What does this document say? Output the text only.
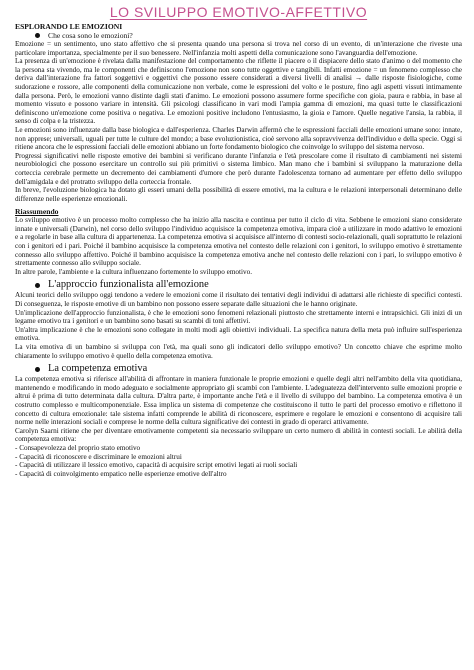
LO SVILUPPO EMOTIVO-AFFETTIVO
ESPLORANDO LE EMOZIONI
Che cosa sono le emozioni?

Emozione = un sentimento, uno stato affettivo che si presenta quando una persona si trova nel corso di un evento, di un'interazione che riveste una particolare importanza, specialmente per il suo benessere. Nell'infanzia molti aspetti della comunicazione sono l'avanguardia dell'emozione.

La presenza di un'emozione è rivelata dalla manifestazione del comportamento che riflette il piacere o il dispiacere dello stato d'animo o del momento che la persona sta vivendo, ma le componenti che definiscono l'emozione non sono tutte oggettive e tangibili. Infatti emozione = un fenomeno complesso che deriva dall'interazione fra fattori soggettivi e oggettivi che possono essere considerati a diversi livelli di analisi → dalle risposte fisiologiche, come sudorazione e rossore, alle componenti della comunicazione non verbale, come le espressioni del volto e le posture, fino agli aspetti vissuti intimamente dalla persona. Però, le emozioni vanno distinte dagli stati d'animo. Le emozioni possono assumere forme specifiche con gioia, paura e rabbia, in base al momento vissuto e possono variare in intensità. Gli psicologi classificano in vari modi l'ampia gamma di emozioni, ma quasi tutte le classificazioni definiscono un'emozione come positiva o negativa. Le emozioni positive includono l'entusiasmo, la gioia e l'amore. Quelle negative l'ansia, la rabbia, il senso di colpa e la tristezza.

Le emozioni sono influenzate dalla base biologica e dall'esperienza. Charles Darwin affermò che le espressioni facciali delle emozioni umane sono: innate, non apprese; universali, uguali per tutte le culture del mondo; a base evoluzionistica, cioè servono alla sopravvivenza dell'individuo e della specie. Oggi si ritiene ancora che le espressioni facciali delle emozioni abbiano un forte fondamento biologico che coinvolge lo sviluppo del sistema nervoso.

Progressi significativi nelle risposte emotive dei bambini si verificano durante l'infanzia e l'età prescolare come il risultato di cambiamenti nei sistemi neurobiologici che possono esercitare un controllo sui più primitivi o sistema limbico. Man mano che i bambini si sviluppano la maturazione della corteccia cerebrale permette un decremento dei cambiamenti d'umore che però durante l'adolescenza tornano ad aumentare per effetto dello sviluppo dell'amigdala e del protratto sviluppo della corteccia frontale.

In breve, l'evoluzione biologica ha dotato gli esseri umani della possibilità di essere emotivi, ma la cultura e le relazioni interpersonali determinano delle differenze nelle esperienze emozionali.

Riassumendo

Lo sviluppo emotivo è un processo molto complesso che ha inizio alla nascita e continua per tutto il ciclo di vita. Sebbene le emozioni siano considerate innate e universali (Darwin), nel corso dello sviluppo l'individuo acquisisce la competenza emotiva, impara cioè a utilizzare in modo adattivo le emozioni e a regolarle in base alla cultura di appartenenza. La competenza emotiva si acquisisce all'interno di contesti socio-relazionali, quali soprattutto le relazioni con i genitori ed i pari. Poiché il bambino acquisisce la competenza emotiva nel contesto delle relazioni con i genitori, lo sviluppo emotivo è strettamente connesso allo sviluppo affettivo. Poiché il bambino acquisisce la competenza emotiva anche nel contesto delle relazioni con i pari, lo sviluppo emotivo è strettamente connesso allo sviluppo sociale.

In altre parole, l'ambiente e la cultura influenzano fortemente lo sviluppo emotivo.

L'approccio funzionalista all'emozione

Alcuni teorici dello sviluppo oggi tendono a vedere le emozioni come il risultato dei tentativi degli individui di adattarsi alle richieste di specifici contesti. Di conseguenza, le risposte emotive di un bambino non possono essere separate dalle situazioni che le hanno originate.

Un'implicazione dell'approccio funzionalista, è che le emozioni sono fenomeni relazionali piuttosto che strettamente interni e intrapsichici. Gli inizi di un legame emotivo tra i genitori e un bambino sono basati su scambi di toni affettivi.

Un'altra implicazione è che le emozioni sono collegate in molti modi agli obiettivi individuali. La specifica natura della meta può influire sull'esperienza emotiva.

La vita emotiva di un bambino si sviluppa con l'età, ma quali sono gli indicatori dello sviluppo emotivo? Un concetto chiave che esprime molto chiaramente lo sviluppo emotivo è quello della competenza emotiva.

La competenza emotiva

La competenza emotiva si riferisce all'abilità di affrontare in maniera funzionale le proprie emozioni e quelle degli altri nell'ambito della vita quotidiana, mantenendo e modificando in modo adeguato e socialmente appropriato gli scambi con l'ambiente. L'adeguatezza dell'intervento sulle emozioni proprie e altrui è prima di tutto determinata dalla cultura. D'altra parte, è importante anche l'età e il livello di sviluppo del bambino. La competenza emotiva è un costrutto complesso e multicomponenziale. Essa implica un sistema di competenze che costituiscono il tutto le parti del processo emotivo e riflettono il concetto di cultura emozionale: tale sistema infatti comprende le abilità di riconoscere, esprimere e regolare le emozioni e consentono di acquisire tali norme nelle interazioni sociali e comprese le norme della cultura significative dei contesti in grado di operarci attivamente.

Carolyn Saarni ritiene che per diventare emotivamente competenti sia necessario sviluppare un certo numero di abilità in contesti sociali. Le abilità della competenza emotiva:

- Consapevolezza del proprio stato emotivo
- Capacità di riconoscere e discriminare le emozioni altrui
- Capacità di utilizzare il lessico emotivo, capacità di acquisire script emotivi legati ai ruoli sociali
- Capacità di coinvolgimento empatico nelle esperienze emotive dell'altro
